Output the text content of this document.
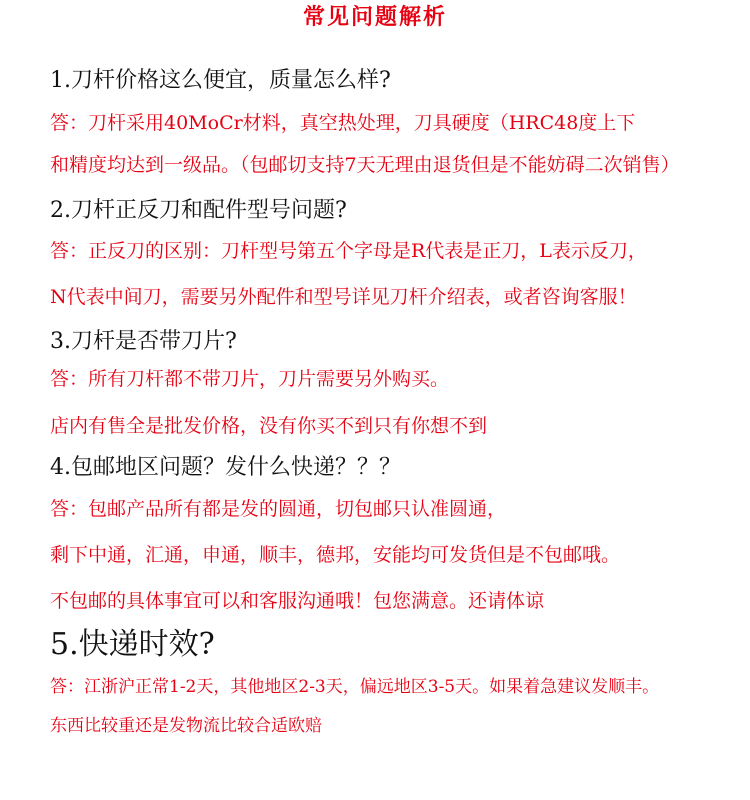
常见问题解析
1.刀杆价格这么便宜，质量怎么样?
答：刀杆采用40MoCr材料，真空热处理，刀具硬度（HRC48度上下
和精度均达到一级品。（包邮切支持7天无理由退货但是不能妨碍二次销售）
2.刀杆正反刀和配件型号问题?
答：正反刀的区别：刀杆型号第五个字母是R代表是正刀，L表示反刀，
N代表中间刀，需要另外配件和型号详见刀杆介绍表，或者咨询客服！
3.刀杆是否带刀片?
答：所有刀杆都不带刀片，刀片需要另外购买。
店内有售全是批发价格，没有你买不到只有你想不到
4.包邮地区问题？发什么快递？？？
答：包邮产品所有都是发的圆通，切包邮只认准圆通，
剩下中通，汇通，申通，顺丰，德邦，安能均可发货但是不包邮哦。
不包邮的具体事宜可以和客服沟通哦！包您满意。还请体谅
5.快递时效?
答：江浙沪正常1-2天，其他地区2-3天，偏远地区3-5天。如果着急建议发顺丰。
东西比较重还是发物流比较合适欧赔
